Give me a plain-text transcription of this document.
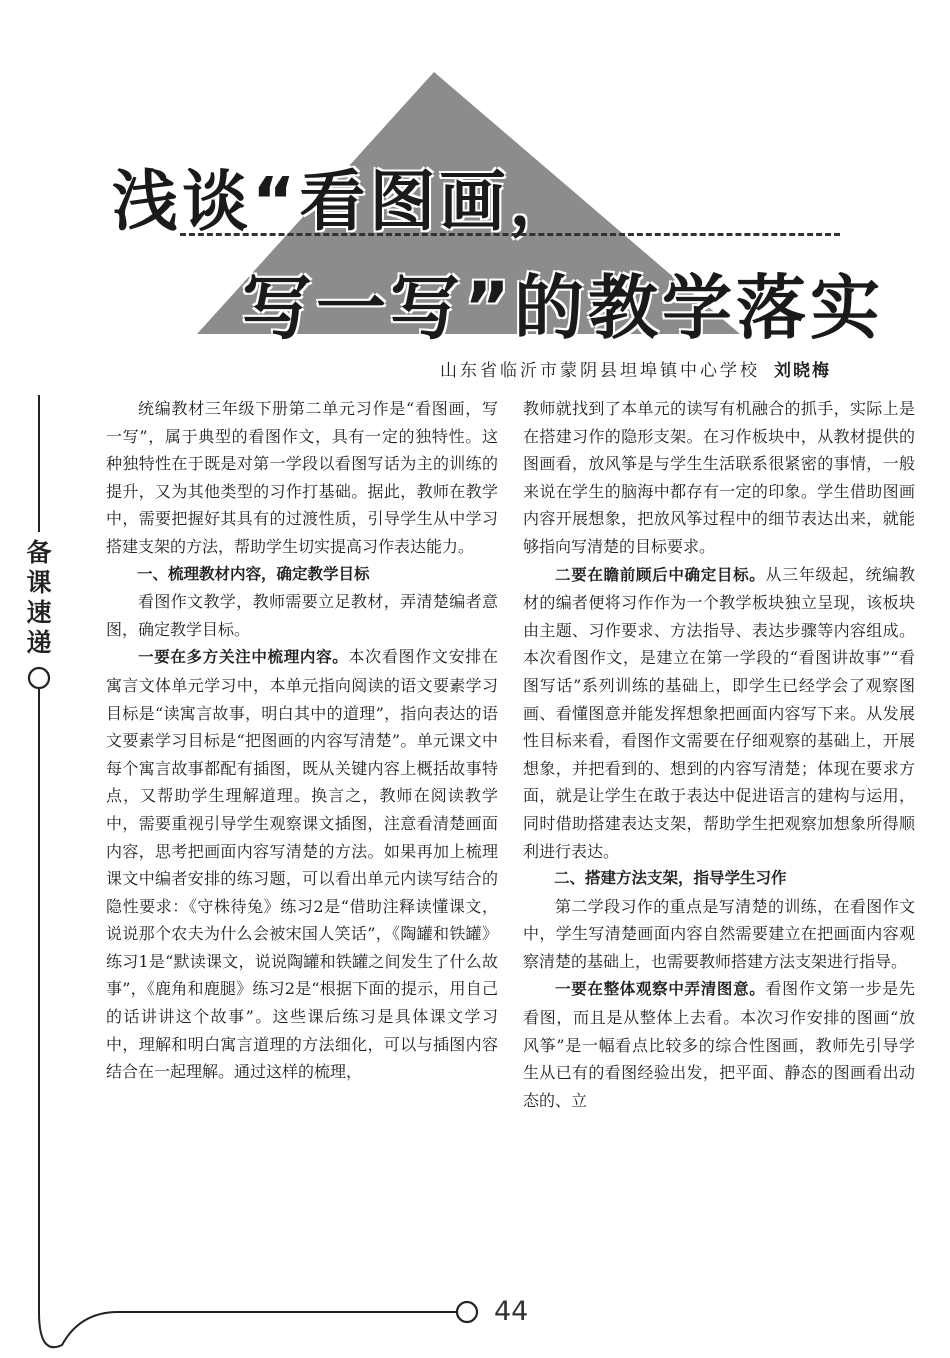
浅谈“看图画，
写一写”的教学落实
山东省临沂市蒙阴县坦埠镇中心学校 刘晓梅
备
课
速
递

统编教材三年级下册第二单元习作是“看图画，写一写”，属于典型的看图作文，具有一定的独特性。这种独特性在于既是对第一学段以看图写话为主的训练的提升，又为其他类型的习作打基础。据此，教师在教学中，需要把握好其具有的过渡性质，引导学生从中学习搭建支架的方法，帮助学生切实提高习作表达能力。

一、梳理教材内容，确定教学目标

看图作文教学，教师需要立足教材，弄清楚编者意图，确定教学目标。

一要在多方关注中梳理内容。本次看图作文安排在寓言文体单元学习中，本单元指向阅读的语文要素学习目标是“读寓言故事，明白其中的道理”，指向表达的语文要素学习目标是“把图画的内容写清楚”。单元课文中每个寓言故事都配有插图，既从关键内容上概括故事特点，又帮助学生理解道理。换言之，教师在阅读教学中，需要重视引导学生观察课文插图，注意看清楚画面内容，思考把画面内容写清楚的方法。如果再加上梳理课文中编者安排的练习题，可以看出单元内读写结合的隐性要求：《守株待兔》练习2是“借助注释读懂课文，说说那个农夫为什么会被宋国人笑话”，《陶罐和铁罐》练习1是“默读课文，说说陶罐和铁罐之间发生了什么故事”，《鹿角和鹿腿》练习2是“根据下面的提示，用自己的话讲讲这个故事”。这些课后练习是具体课文学习中，理解和明白寓言道理的方法细化，可以与插图内容结合在一起理解。通过这样的梳理，

教师就找到了本单元的读写有机融合的抓手，实际上是在搭建习作的隐形支架。在习作板块中，从教材提供的图画看，放风筝是与学生生活联系很紧密的事情，一般来说在学生的脑海中都存有一定的印象。学生借助图画内容开展想象，把放风筝过程中的细节表达出来，就能够指向写清楚的目标要求。

二要在瞻前顾后中确定目标。从三年级起，统编教材的编者便将习作作为一个教学板块独立呈现，该板块由主题、习作要求、方法指导、表达步骤等内容组成。本次看图作文，是建立在第一学段的“看图讲故事”“看图写话”系列训练的基础上，即学生已经学会了观察图画、看懂图意并能发挥想象把画面内容写下来。从发展性目标来看，看图作文需要在仔细观察的基础上，开展想象，并把看到的、想到的内容写清楚；体现在要求方面，就是让学生在敢于表达中促进语言的建构与运用，同时借助搭建表达支架，帮助学生把观察加想象所得顺利进行表达。

二、搭建方法支架，指导学生习作

第二学段习作的重点是写清楚的训练，在看图作文中，学生写清楚画面内容自然需要建立在把画面内容观察清楚的基础上，也需要教师搭建方法支架进行指导。

一要在整体观察中弄清图意。看图作文第一步是先看图，而且是从整体上去看。本次习作安排的图画“放风筝”是一幅看点比较多的综合性图画，教师先引导学生从已有的看图经验出发，把平面、静态的图画看出动态的、立

44
